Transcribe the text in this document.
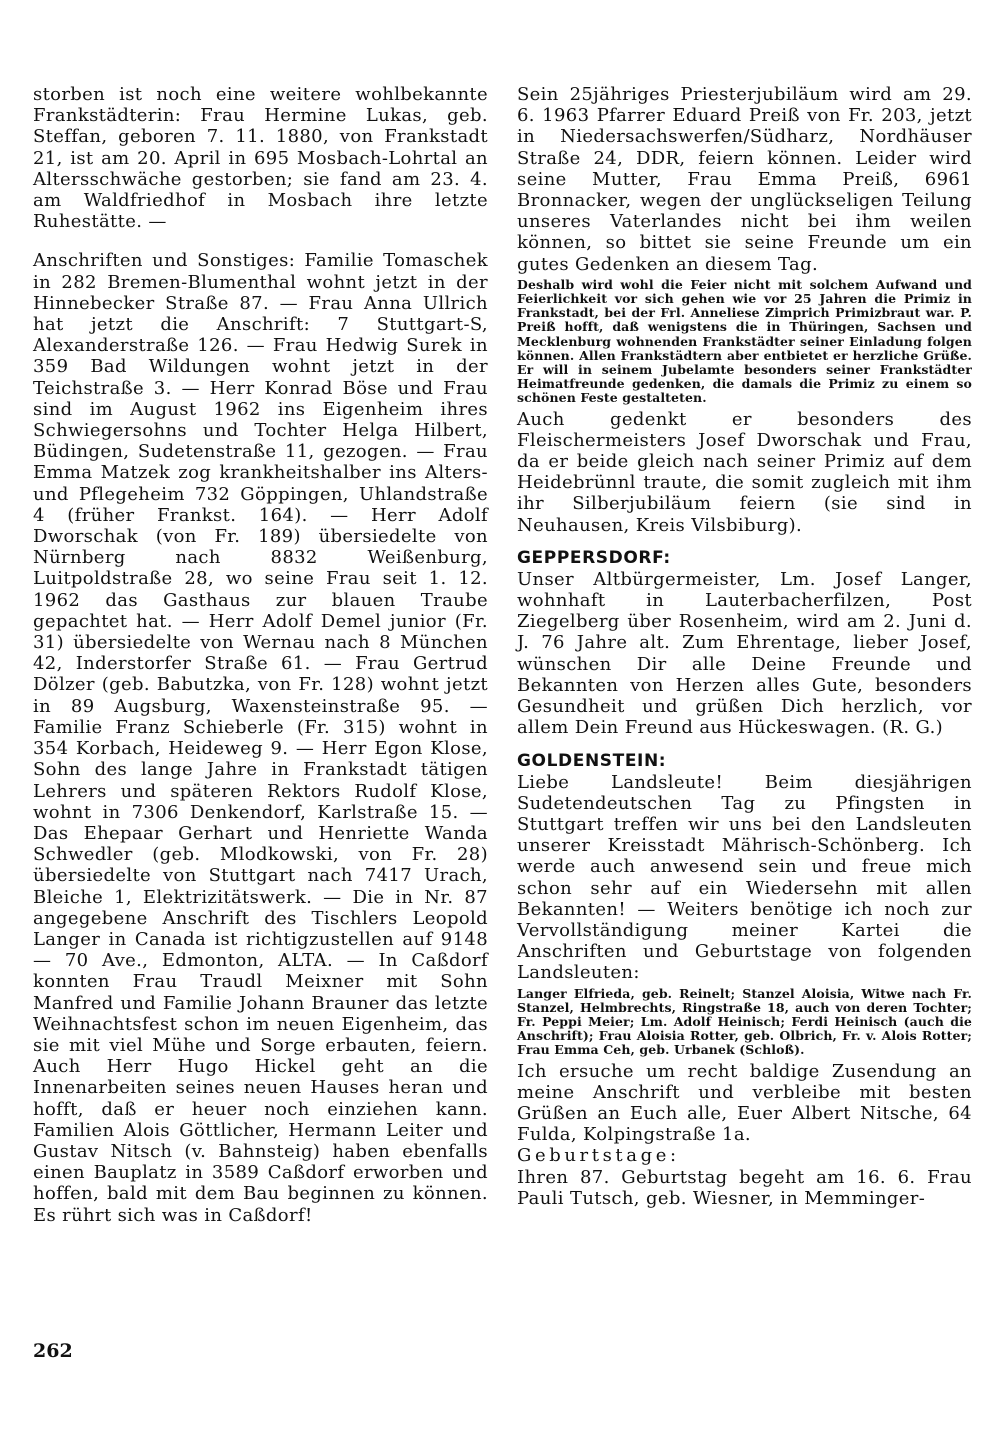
storben ist noch eine weitere wohlbekannte Frankstädterin: Frau Hermine Lukas, geb. Steffan, geboren 7. 11. 1880, von Frankstadt 21, ist am 20. April in 695 Mosbach-Lohrtal an Altersschwäche gestorben; sie fand am 23. 4. am Waldfriedhof in Mosbach ihre letzte Ruhestätte. —

Anschriften und Sonstiges: Familie Tomaschek in 282 Bremen-Blumenthal wohnt jetzt in der Hinnebecker Straße 87. — Frau Anna Ullrich hat jetzt die Anschrift: 7 Stuttgart-S, Alexanderstraße 126. — Frau Hedwig Surek in 359 Bad Wildungen wohnt jetzt in der Teichstraße 3. — Herr Konrad Böse und Frau sind im August 1962 ins Eigenheim ihres Schwiegersohns und Tochter Helga Hilbert, Büdingen, Sudetenstraße 11, gezogen. — Frau Emma Matzek zog krankheitshalber ins Alters- und Pflegeheim 732 Göppingen, Uhlandstraße 4 (früher Frankst. 164). — Herr Adolf Dworschak (von Fr. 189) übersiedelte von Nürnberg nach 8832 Weißenburg, Luitpoldstraße 28, wo seine Frau seit 1. 12. 1962 das Gasthaus zur blauen Traube gepachtet hat. — Herr Adolf Demel junior (Fr. 31) übersiedelte von Wernau nach 8 München 42, Inderstorfer Straße 61. — Frau Gertrud Dölzer (geb. Babutzka, von Fr. 128) wohnt jetzt in 89 Augsburg, Waxensteinstraße 95. — Familie Franz Schieberle (Fr. 315) wohnt in 354 Korbach, Heideweg 9. — Herr Egon Klose, Sohn des lange Jahre in Frankstadt tätigen Lehrers und späteren Rektors Rudolf Klose, wohnt in 7306 Denkendorf, Karlstraße 15. — Das Ehepaar Gerhart und Henriette Wanda Schwedler (geb. Mlodkowski, von Fr. 28) übersiedelte von Stuttgart nach 7417 Urach, Bleiche 1, Elektrizitätswerk. — Die in Nr. 87 angegebene Anschrift des Tischlers Leopold Langer in Canada ist richtigzustellen auf 9148 — 70 Ave., Edmonton, ALTA. — In Caßdorf konnten Frau Traudl Meixner mit Sohn Manfred und Familie Johann Brauner das letzte Weihnachtsfest schon im neuen Eigenheim, das sie mit viel Mühe und Sorge erbauten, feiern. Auch Herr Hugo Hickel geht an die Innenarbeiten seines neuen Hauses heran und hofft, daß er heuer noch einziehen kann. Familien Alois Göttlicher, Hermann Leiter und Gustav Nitsch (v. Bahnsteig) haben ebenfalls einen Bauplatz in 3589 Caßdorf erworben und hoffen, bald mit dem Bau beginnen zu können. Es rührt sich was in Caßdorf!

Sein 25jähriges Priesterjubiläum wird am 29. 6. 1963 Pfarrer Eduard Preiß von Fr. 203, jetzt in Niedersachswerfen/Südharz, Nordhäuser Straße 24, DDR, feiern können. Leider wird seine Mutter, Frau Emma Preiß, 6961 Bronnacker, wegen der unglückseligen Teilung unseres Vaterlandes nicht bei ihm weilen können, so bittet sie seine Freunde um ein gutes Gedenken an diesem Tag.

Deshalb wird wohl die Feier nicht mit solchem Aufwand und Feierlichkeit vor sich gehen wie vor 25 Jahren die Primiz in Frankstadt, bei der Frl. Anneliese Zimprich Primizbraut war. P. Preiß hofft, daß wenigstens die in Thüringen, Sachsen und Mecklenburg wohnenden Frankstädter seiner Einladung folgen können. Allen Frankstädtern aber entbietet er herzliche Grüße. Er will in seinem Jubelamte besonders seiner Frankstädter Heimatfreunde gedenken, die damals die Primiz zu einem so schönen Feste gestalteten.

Auch gedenkt er besonders des Fleischermeisters Josef Dworschak und Frau, da er beide gleich nach seiner Primiz auf dem Heidebrünnl traute, die somit zugleich mit ihm ihr Silberjubiläum feiern (sie sind in Neuhausen, Kreis Vilsbiburg).

GEPPERSDORF:

Unser Altbürgermeister, Lm. Josef Langer, wohnhaft in Lauterbacherfilzen, Post Ziegelberg über Rosenheim, wird am 2. Juni d. J. 76 Jahre alt. Zum Ehrentage, lieber Josef, wünschen Dir alle Deine Freunde und Bekannten von Herzen alles Gute, besonders Gesundheit und grüßen Dich herzlich, vor allem Dein Freund aus Hückeswagen. (R. G.)

GOLDENSTEIN:

Liebe Landsleute! Beim diesjährigen Sudetendeutschen Tag zu Pfingsten in Stuttgart treffen wir uns bei den Landsleuten unserer Kreisstadt Mährisch-Schönberg. Ich werde auch anwesend sein und freue mich schon sehr auf ein Wiedersehn mit allen Bekannten! — Weiters benötige ich noch zur Vervollständigung meiner Kartei die Anschriften und Geburtstage von folgenden Landsleuten:

Langer Elfrieda, geb. Reinelt; Stanzel Aloisia, Witwe nach Fr. Stanzel, Helmbrechts, Ringstraße 18, auch von deren Tochter; Fr. Peppi Meier; Lm. Adolf Heinisch; Ferdi Heinisch (auch die Anschrift); Frau Aloisia Rotter, geb. Olbrich, Fr. v. Alois Rotter; Frau Emma Ceh, geb. Urbanek (Schloß).

Ich ersuche um recht baldige Zusendung an meine Anschrift und verbleibe mit besten Grüßen an Euch alle, Euer Albert Nitsche, 64 Fulda, Kolpingstraße 1a.

Geburtstage:

Ihren 87. Geburtstag begeht am 16. 6. Frau Pauli Tutsch, geb. Wiesner, in Memminger-

262
